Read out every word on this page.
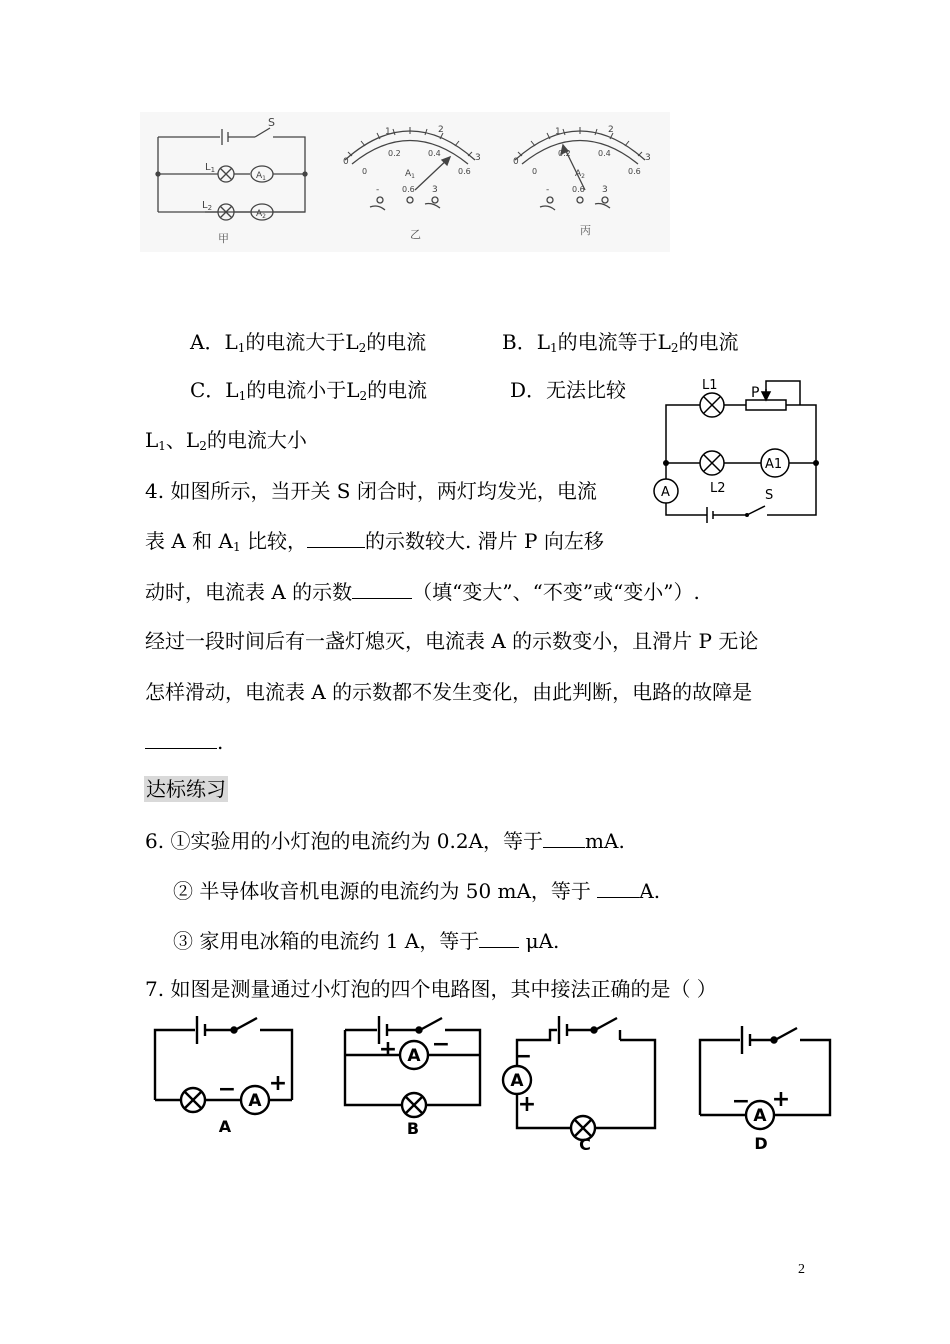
S
$L_1$
$L_2$
$A_1$
$A_2$
甲
0
1	2
3
0
0.2	0.4
0.6
$A_1$
-	0.6 3
乙
0
1	2
3
0
0.2	0.4
0.6
$A_2$
-	0.6 3
丙
A．$L_1$的电流大于$L_2$的电流	B．$L_1$的电流等于$L_2$的电流
C．$L_1$的电流小于$L_2$的电流	D．无法比较
$L_1$、$L_2$的电流大小
L1 P
A1
A	L2	S
4. 如图所示，当开关 S 闭合时，两灯均发光，电流
表 A 和 $A_1$ 比较，	的示数较大. 滑片 P 向左移
动时，电流表 A 的示数	（填“变大”、“不变”或“变小”）.
经过一段时间后有一盏灯熄灭，电流表 A 的示数变小，且滑片 P 无论
怎样滑动，电流表 A 的示数都不发生变化，由此判断，电路的故障是
.
达标练习
6. ①实验用的小灯泡的电流约为 0.2A，等于 mA.
② 半导体收音机电源的电流约为 50 mA，等于 A.
③ 家用电冰箱的电流约 1 A，等于 μA.
7. 如图是测量通过小灯泡的四个电路图，其中接法正确的是（ ）
A
A
A
A
− +
+ −	−
+	− +
A	B
C	D
2
